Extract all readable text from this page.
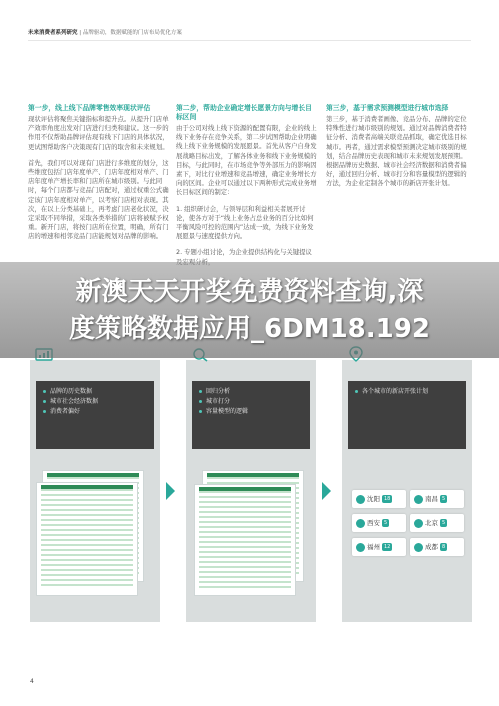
未来消费者系列研究 | 品牌驱动，数据赋能的门店布局优化方案
第一步，线上线下品牌零售效率现状评估

现状评估将聚焦关键指标和提升点。从提升门店单产效率角度出发对门店进行归类和建议。这一步的作用不仅帮助品牌评估现有线下门店的具体状况，更试图帮助客户决策现有门店的取舍和未来规划。

首先，我们可以对现有门店进行多维度的划分，这些维度包括门店年度单产、门店年度相对单产、门店年度单产增长率和门店所在城市级别。与此同时，每个门店都与竞品门店配对，通过权重公式确定该门店年度相对单产，以考察门店相对表现。其次，在以上分类基础上，再考虑门店老化状况，决定采取不同举措，采取各类举措的门店将被赋予权重。新开门店，将按门店所在位置，明确，所有门店的增速和相邻竞品门店能规划对品牌的影响。

第二步，帮助企业确定增长愿景方向与增长目标区间

由于公司对线上线下资源的配置有限，企业的线上线下业务存在竞争关系，第二步试图帮助企业明确线上线下业务规模的发展愿景。首先从客户自身发展战略目标出发，了解各体业务和线下业务规模的目标，与此同时，在市场竞争等外部压力的影响因素下，对比行业增速和竞品增速，确定业务增长方向的区间。企业可以通过以下两种形式完成业务增长目标区间的制定：

1. 组织研讨会，与领导层和利益相关者展开讨论，使各方对于“线上业务占总业务的百分比如何平衡风险可控的范围内”达成一致，为线下业务发展愿景与速度提供方向。

2. 专题小组讨论，为企业提供结构化与关键提议

第三步，基于需求预测模型进行城市选择

第三步，基于消费者画像、竞品分布、品牌的定位特殊性进行城市级别的规划。通过对品牌消费者特征分析、消费者高端关联竞品抓取，确定优选目标城市。再者，通过需求模型预测决定城市级别的规划，结合品牌历史表现和城市未来规划发展预期。根据品牌历史数据、城市社会经济数据和消费者偏好，通过回归分析、城市打分和容量模型的逻辑的方法，为企业定制各个城市的新店开张计划。

品牌的历史数据
城市社会经济数据
消费者偏好
回归分析
城市打分
容量模型的逻辑
各个城市的新店开张计划
沈阳 18	南昌 5
西安 5	北京 5
福州 12	成都 8
新澳天天开奖免费资料查询,深
度策略数据应用_6DM18.192
4
